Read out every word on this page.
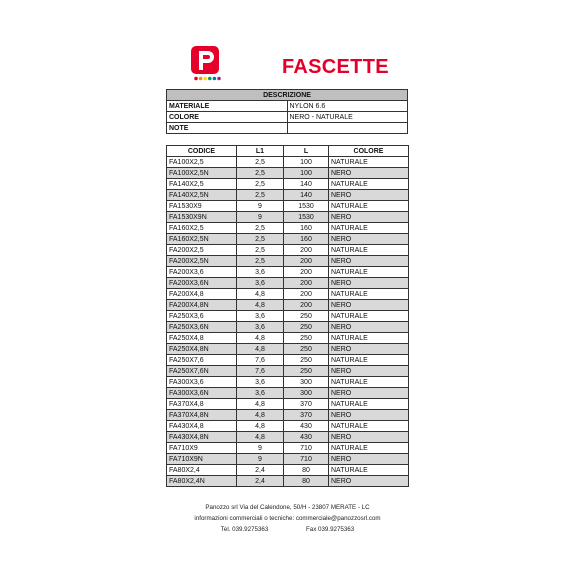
FASCETTE
DESCRIZIONE	
MATERIALE	NYLON 6.6
COLORE	NERO - NATURALE
NOTE	
CODICE	L1	L	COLORE
FA100X2,5	2,5	100	NATURALE
FA100X2,5N	2,5	100	NERO
FA140X2,5	2,5	140	NATURALE
FA140X2,5N	2,5	140	NERO
FA1530X9	9	1530	NATURALE
FA1530X9N	9	1530	NERO
FA160X2,5	2,5	160	NATURALE
FA160X2,5N	2,5	160	NERO
FA200X2,5	2,5	200	NATURALE
FA200X2,5N	2,5	200	NERO
FA200X3,6	3,6	200	NATURALE
FA200X3,6N	3,6	200	NERO
FA200X4,8	4,8	200	NATURALE
FA200X4,8N	4,8	200	NERO
FA250X3,6	3,6	250	NATURALE
FA250X3,6N	3,6	250	NERO
FA250X4,8	4,8	250	NATURALE
FA250X4,8N	4,8	250	NERO
FA250X7,6	7,6	250	NATURALE
FA250X7,6N	7,6	250	NERO
FA300X3,6	3,6	300	NATURALE
FA300X3,6N	3,6	300	NERO
FA370X4,8	4,8	370	NATURALE
FA370X4,8N	4,8	370	NERO
FA430X4,8	4,8	430	NATURALE
FA430X4,8N	4,8	430	NERO
FA710X9	9	710	NATURALE
FA710X9N	9	710	NERO
FA80X2,4	2,4	80	NATURALE
FA80X2,4N	2,4	80	NERO
Panozzo srl Via del Calendone, 50/H - 23807 MERATE - LC
informazioni commerciali o tecniche: commerciale@panozzosrl.com
Tel. 039.9275363	Fax 039.9275363
